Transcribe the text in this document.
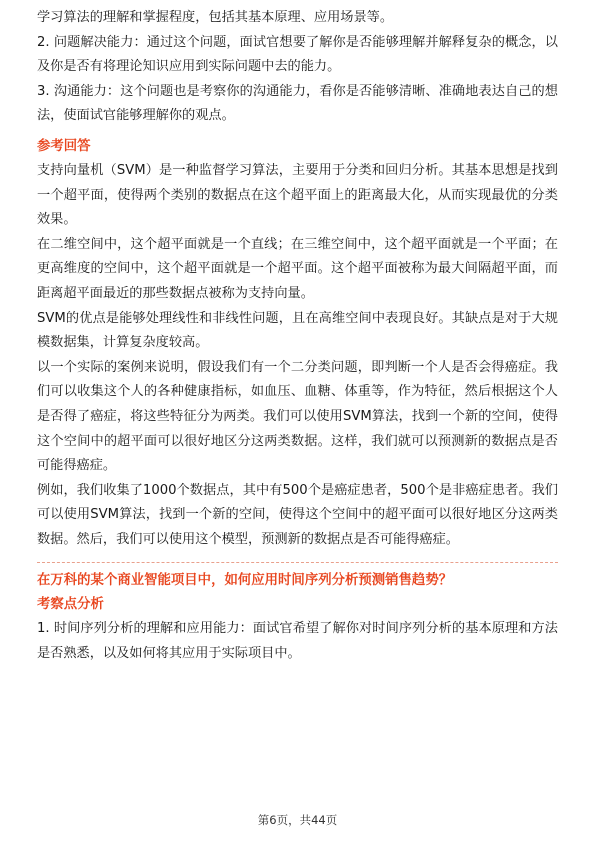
学习算法的理解和掌握程度，包括其基本原理、应用场景等。

2. 问题解决能力：通过这个问题，面试官想要了解你是否能够理解并解释复杂的概念，以及你是否有将理论知识应用到实际问题中去的能力。

3. 沟通能力：这个问题也是考察你的沟通能力，看你是否能够清晰、准确地表达自己的想法，使面试官能够理解你的观点。

参考回答

支持向量机（SVM）是一种监督学习算法，主要用于分类和回归分析。其基本思想是找到一个超平面，使得两个类别的数据点在这个超平面上的距离最大化，从而实现最优的分类效果。

在二维空间中，这个超平面就是一个直线；在三维空间中，这个超平面就是一个平面；在更高维度的空间中，这个超平面就是一个超平面。这个超平面被称为最大间隔超平面，而距离超平面最近的那些数据点被称为支持向量。

SVM的优点是能够处理线性和非线性问题，且在高维空间中表现良好。其缺点是对于大规模数据集，计算复杂度较高。

以一个实际的案例来说明，假设我们有一个二分类问题，即判断一个人是否会得癌症。我们可以收集这个人的各种健康指标，如血压、血糖、体重等，作为特征，然后根据这个人是否得了癌症，将这些特征分为两类。我们可以使用SVM算法，找到一个新的空间，使得这个空间中的超平面可以很好地区分这两类数据。这样，我们就可以预测新的数据点是否可能得癌症。

例如，我们收集了1000个数据点，其中有500个是癌症患者，500个是非癌症患者。我们可以使用SVM算法，找到一个新的空间，使得这个空间中的超平面可以很好地区分这两类数据。然后，我们可以使用这个模型，预测新的数据点是否可能得癌症。

在万科的某个商业智能项目中，如何应用时间序列分析预测销售趋势？

考察点分析

1. 时间序列分析的理解和应用能力：面试官希望了解你对时间序列分析的基本原理和方法是否熟悉，以及如何将其应用于实际项目中。

第6页，共44页
